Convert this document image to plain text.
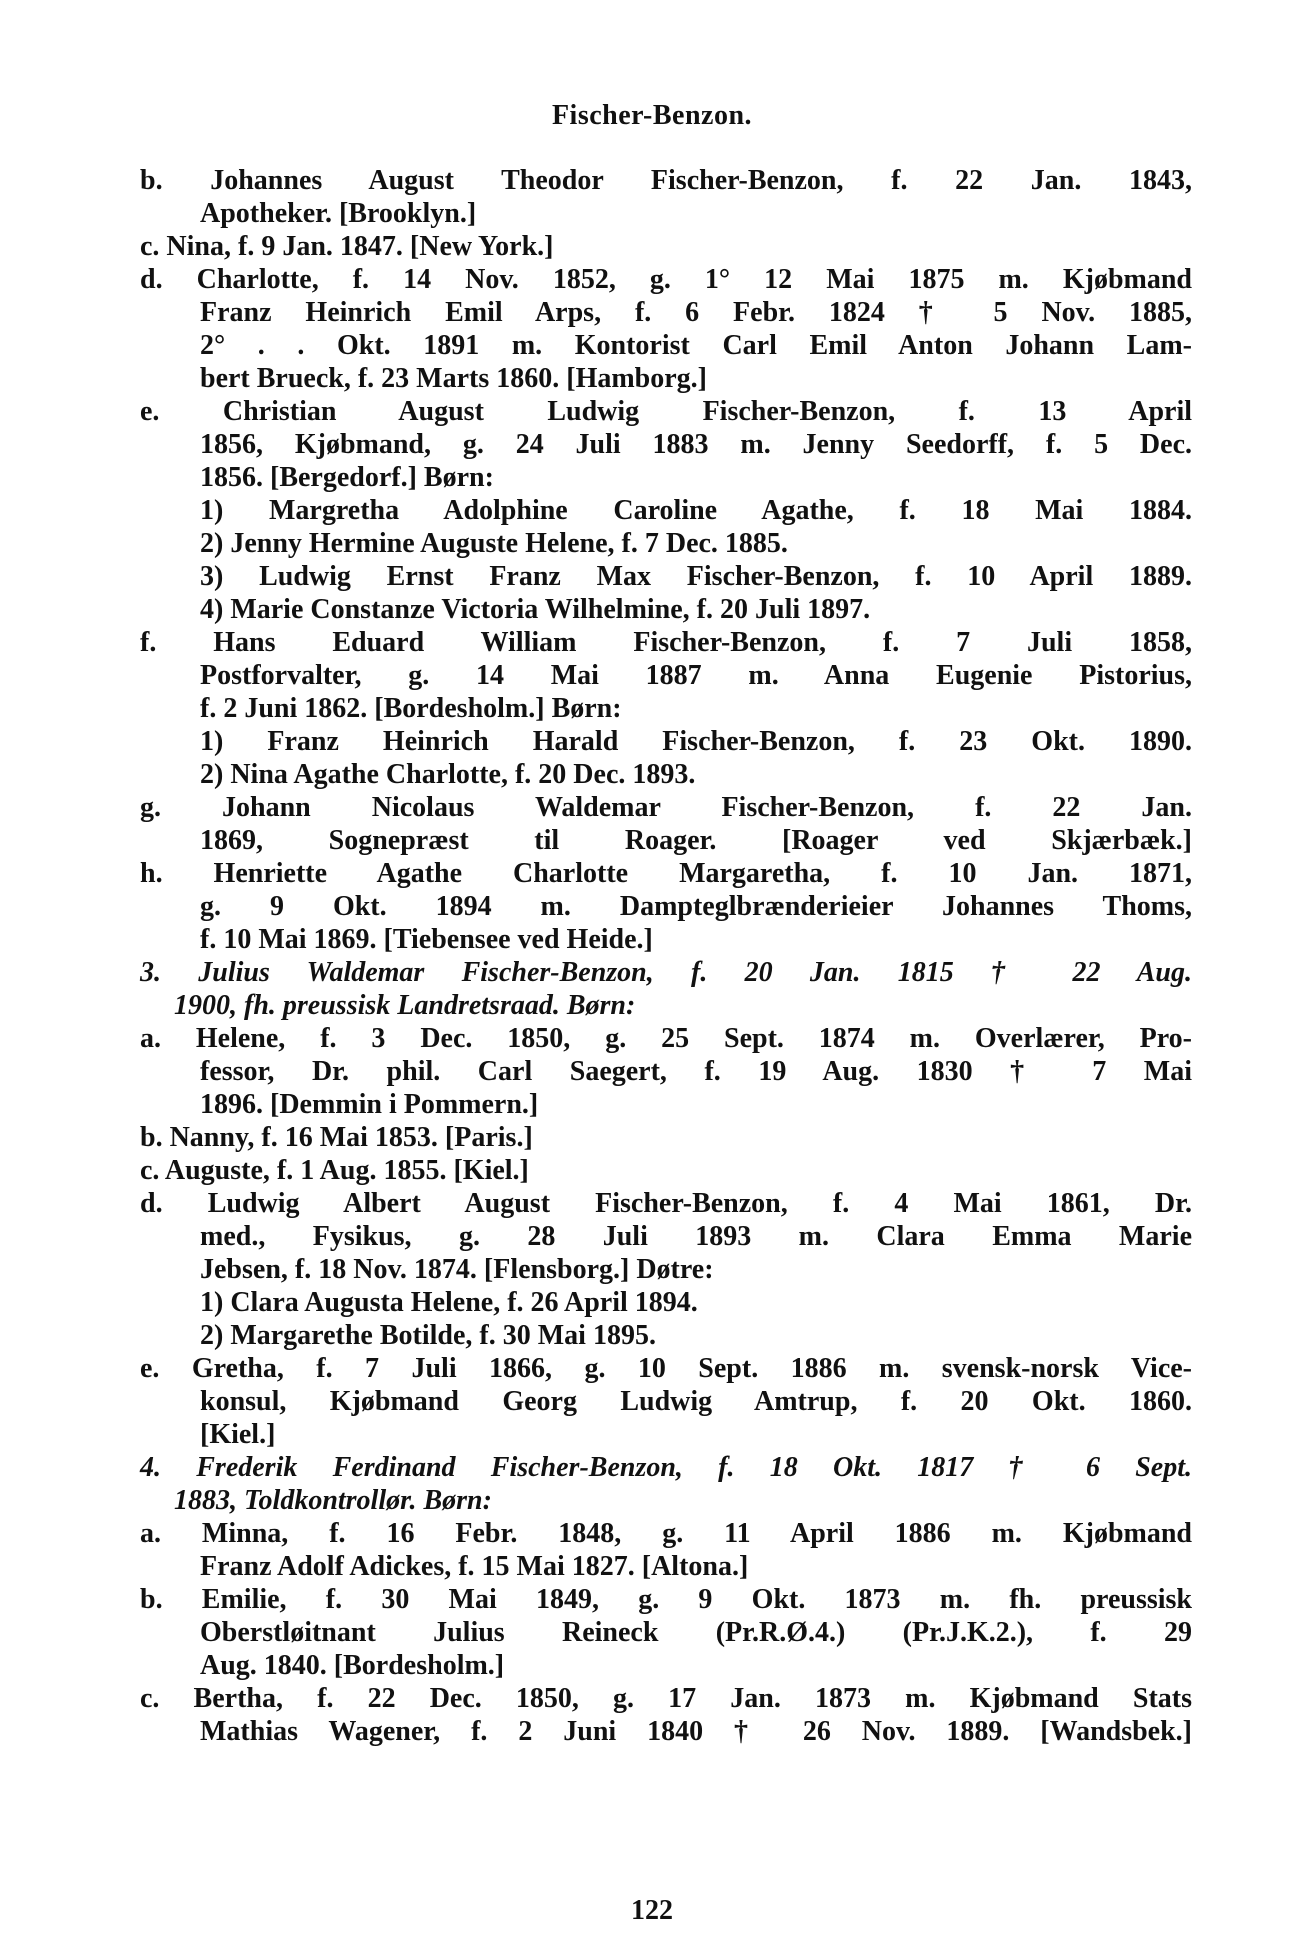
Fischer-Benzon.
b. Johannes August Theodor Fischer-Benzon, f. 22 Jan. 1843,
Apotheker. [Brooklyn.]
c. Nina, f. 9 Jan. 1847. [New York.]
d. Charlotte, f. 14 Nov. 1852, g. 1° 12 Mai 1875 m. Kjøbmand
Franz Heinrich Emil Arps, f. 6 Febr. 1824 † 5 Nov. 1885,
2° . . Okt. 1891 m. Kontorist Carl Emil Anton Johann Lam-
bert Brueck, f. 23 Marts 1860. [Hamborg.]
e. Christian August Ludwig Fischer-Benzon, f. 13 April
1856, Kjøbmand, g. 24 Juli 1883 m. Jenny Seedorff, f. 5 Dec.
1856. [Bergedorf.] Børn:
1) Margretha Adolphine Caroline Agathe, f. 18 Mai 1884.
2) Jenny Hermine Auguste Helene, f. 7 Dec. 1885.
3) Ludwig Ernst Franz Max Fischer-Benzon, f. 10 April 1889.
4) Marie Constanze Victoria Wilhelmine, f. 20 Juli 1897.
f. Hans Eduard William Fischer-Benzon, f. 7 Juli 1858,
Postforvalter, g. 14 Mai 1887 m. Anna Eugenie Pistorius,
f. 2 Juni 1862. [Bordesholm.] Børn:
1) Franz Heinrich Harald Fischer-Benzon, f. 23 Okt. 1890.
2) Nina Agathe Charlotte, f. 20 Dec. 1893.
g. Johann Nicolaus Waldemar Fischer-Benzon, f. 22 Jan.
1869, Sognepræst til Roager. [Roager ved Skjærbæk.]
h. Henriette Agathe Charlotte Margaretha, f. 10 Jan. 1871,
g. 9 Okt. 1894 m. Dampteglbrænderieier Johannes Thoms,
f. 10 Mai 1869. [Tiebensee ved Heide.]
3. Julius Waldemar Fischer-Benzon, f. 20 Jan. 1815 † 22 Aug.
1900, fh. preussisk Landretsraad. Børn:
a. Helene, f. 3 Dec. 1850, g. 25 Sept. 1874 m. Overlærer, Pro-
fessor, Dr. phil. Carl Saegert, f. 19 Aug. 1830 † 7 Mai
1896. [Demmin i Pommern.]
b. Nanny, f. 16 Mai 1853. [Paris.]
c. Auguste, f. 1 Aug. 1855. [Kiel.]
d. Ludwig Albert August Fischer-Benzon, f. 4 Mai 1861, Dr.
med., Fysikus, g. 28 Juli 1893 m. Clara Emma Marie
Jebsen, f. 18 Nov. 1874. [Flensborg.] Døtre:
1) Clara Augusta Helene, f. 26 April 1894.
2) Margarethe Botilde, f. 30 Mai 1895.
e. Gretha, f. 7 Juli 1866, g. 10 Sept. 1886 m. svensk-norsk Vice-
konsul, Kjøbmand Georg Ludwig Amtrup, f. 20 Okt. 1860.
[Kiel.]
4. Frederik Ferdinand Fischer-Benzon, f. 18 Okt. 1817 † 6 Sept.
1883, Toldkontrollør. Børn:
a. Minna, f. 16 Febr. 1848, g. 11 April 1886 m. Kjøbmand
Franz Adolf Adickes, f. 15 Mai 1827. [Altona.]
b. Emilie, f. 30 Mai 1849, g. 9 Okt. 1873 m. fh. preussisk
Oberstløitnant Julius Reineck (Pr.R.Ø.4.) (Pr.J.K.2.), f. 29
Aug. 1840. [Bordesholm.]
c. Bertha, f. 22 Dec. 1850, g. 17 Jan. 1873 m. Kjøbmand Stats
Mathias Wagener, f. 2 Juni 1840 † 26 Nov. 1889. [Wandsbek.]
122
